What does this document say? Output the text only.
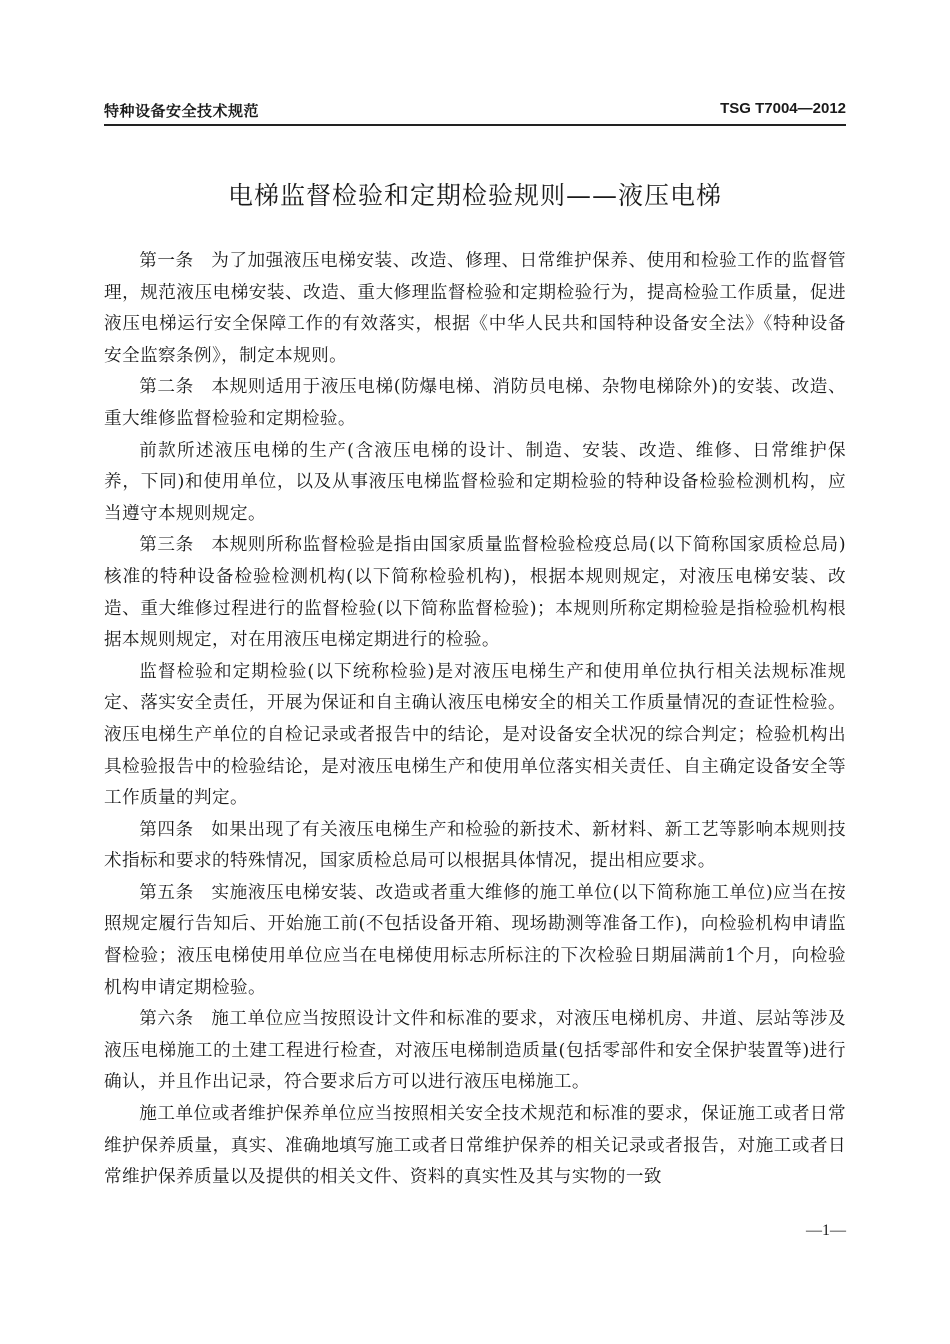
特种设备安全技术规范	TSG T7004—2012
电梯监督检验和定期检验规则——液压电梯

第一条 为了加强液压电梯安装、改造、修理、日常维护保养、使用和检验工作的监督管理，规范液压电梯安装、改造、重大修理监督检验和定期检验行为，提高检验工作质量，促进液压电梯运行安全保障工作的有效落实，根据《中华人民共和国特种设备安全法》《特种设备安全监察条例》，制定本规则。

第二条 本规则适用于液压电梯(防爆电梯、消防员电梯、杂物电梯除外)的安装、改造、重大维修监督检验和定期检验。

前款所述液压电梯的生产(含液压电梯的设计、制造、安装、改造、维修、日常维护保养，下同)和使用单位，以及从事液压电梯监督检验和定期检验的特种设备检验检测机构，应当遵守本规则规定。

第三条 本规则所称监督检验是指由国家质量监督检验检疫总局(以下简称国家质检总局)核准的特种设备检验检测机构(以下简称检验机构)，根据本规则规定，对液压电梯安装、改造、重大维修过程进行的监督检验(以下简称监督检验)；本规则所称定期检验是指检验机构根据本规则规定，对在用液压电梯定期进行的检验。

监督检验和定期检验(以下统称检验)是对液压电梯生产和使用单位执行相关法规标准规定、落实安全责任，开展为保证和自主确认液压电梯安全的相关工作质量情况的查证性检验。液压电梯生产单位的自检记录或者报告中的结论，是对设备安全状况的综合判定；检验机构出具检验报告中的检验结论，是对液压电梯生产和使用单位落实相关责任、自主确定设备安全等工作质量的判定。

第四条 如果出现了有关液压电梯生产和检验的新技术、新材料、新工艺等影响本规则技术指标和要求的特殊情况，国家质检总局可以根据具体情况，提出相应要求。

第五条 实施液压电梯安装、改造或者重大维修的施工单位(以下简称施工单位)应当在按照规定履行告知后、开始施工前(不包括设备开箱、现场勘测等准备工作)，向检验机构申请监督检验；液压电梯使用单位应当在电梯使用标志所标注的下次检验日期届满前1个月，向检验机构申请定期检验。

第六条 施工单位应当按照设计文件和标准的要求，对液压电梯机房、井道、层站等涉及液压电梯施工的土建工程进行检查，对液压电梯制造质量(包括零部件和安全保护装置等)进行确认，并且作出记录，符合要求后方可以进行液压电梯施工。

施工单位或者维护保养单位应当按照相关安全技术规范和标准的要求，保证施工或者日常维护保养质量，真实、准确地填写施工或者日常维护保养的相关记录或者报告，对施工或者日常维护保养质量以及提供的相关文件、资料的真实性及其与实物的一致

—1—
